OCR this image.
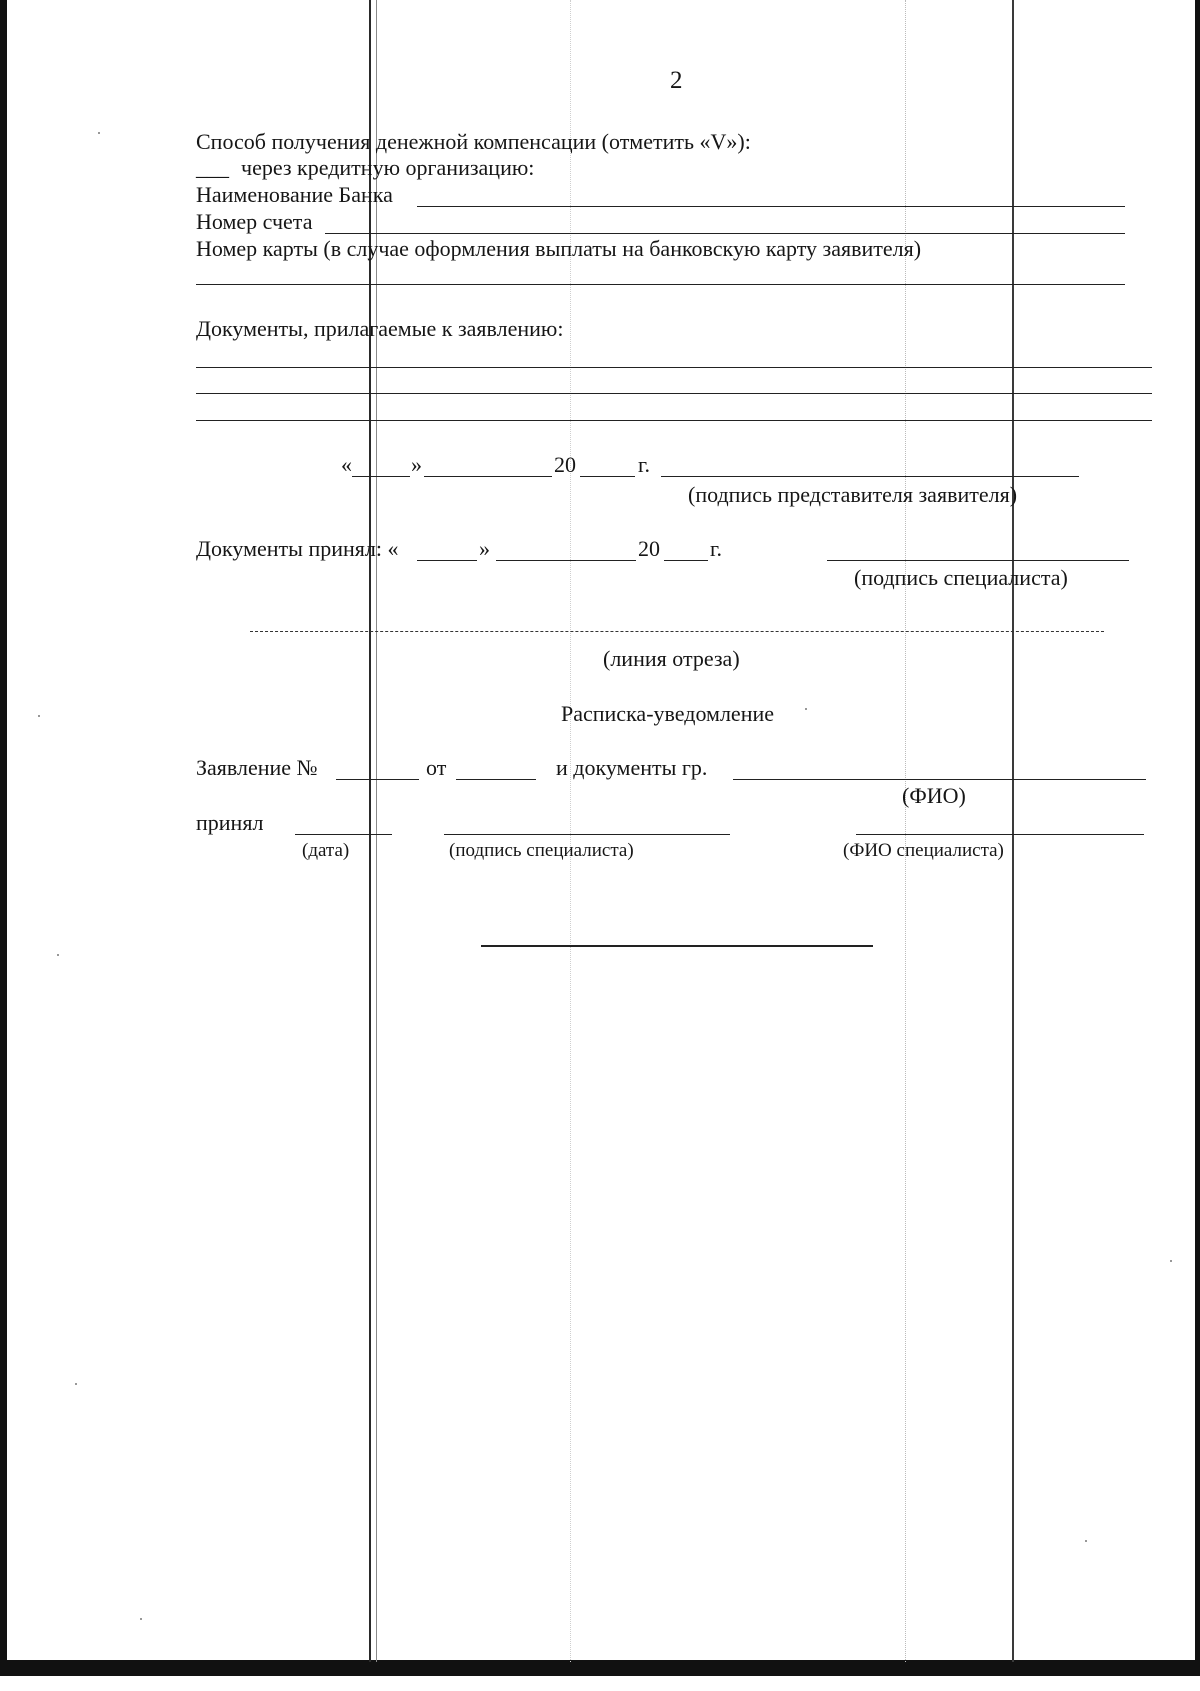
2
Способ получения денежной компенсации (отметить «V»):
___ через кредитную организацию:
Наименование Банка
Номер счета
Номер карты (в случае оформления выплаты на банковскую карту заявителя)
Документы, прилагаемые к заявлению:
«	»	20	г.
(подпись представителя заявителя)
Документы принял: «	»	20 г.
(подпись специалиста)
(линия отреза)
Расписка-уведомление
Заявление №	от	и документы гр.
(ФИО)
принял
(дата)	(подпись специалиста)	(ФИО специалиста)
